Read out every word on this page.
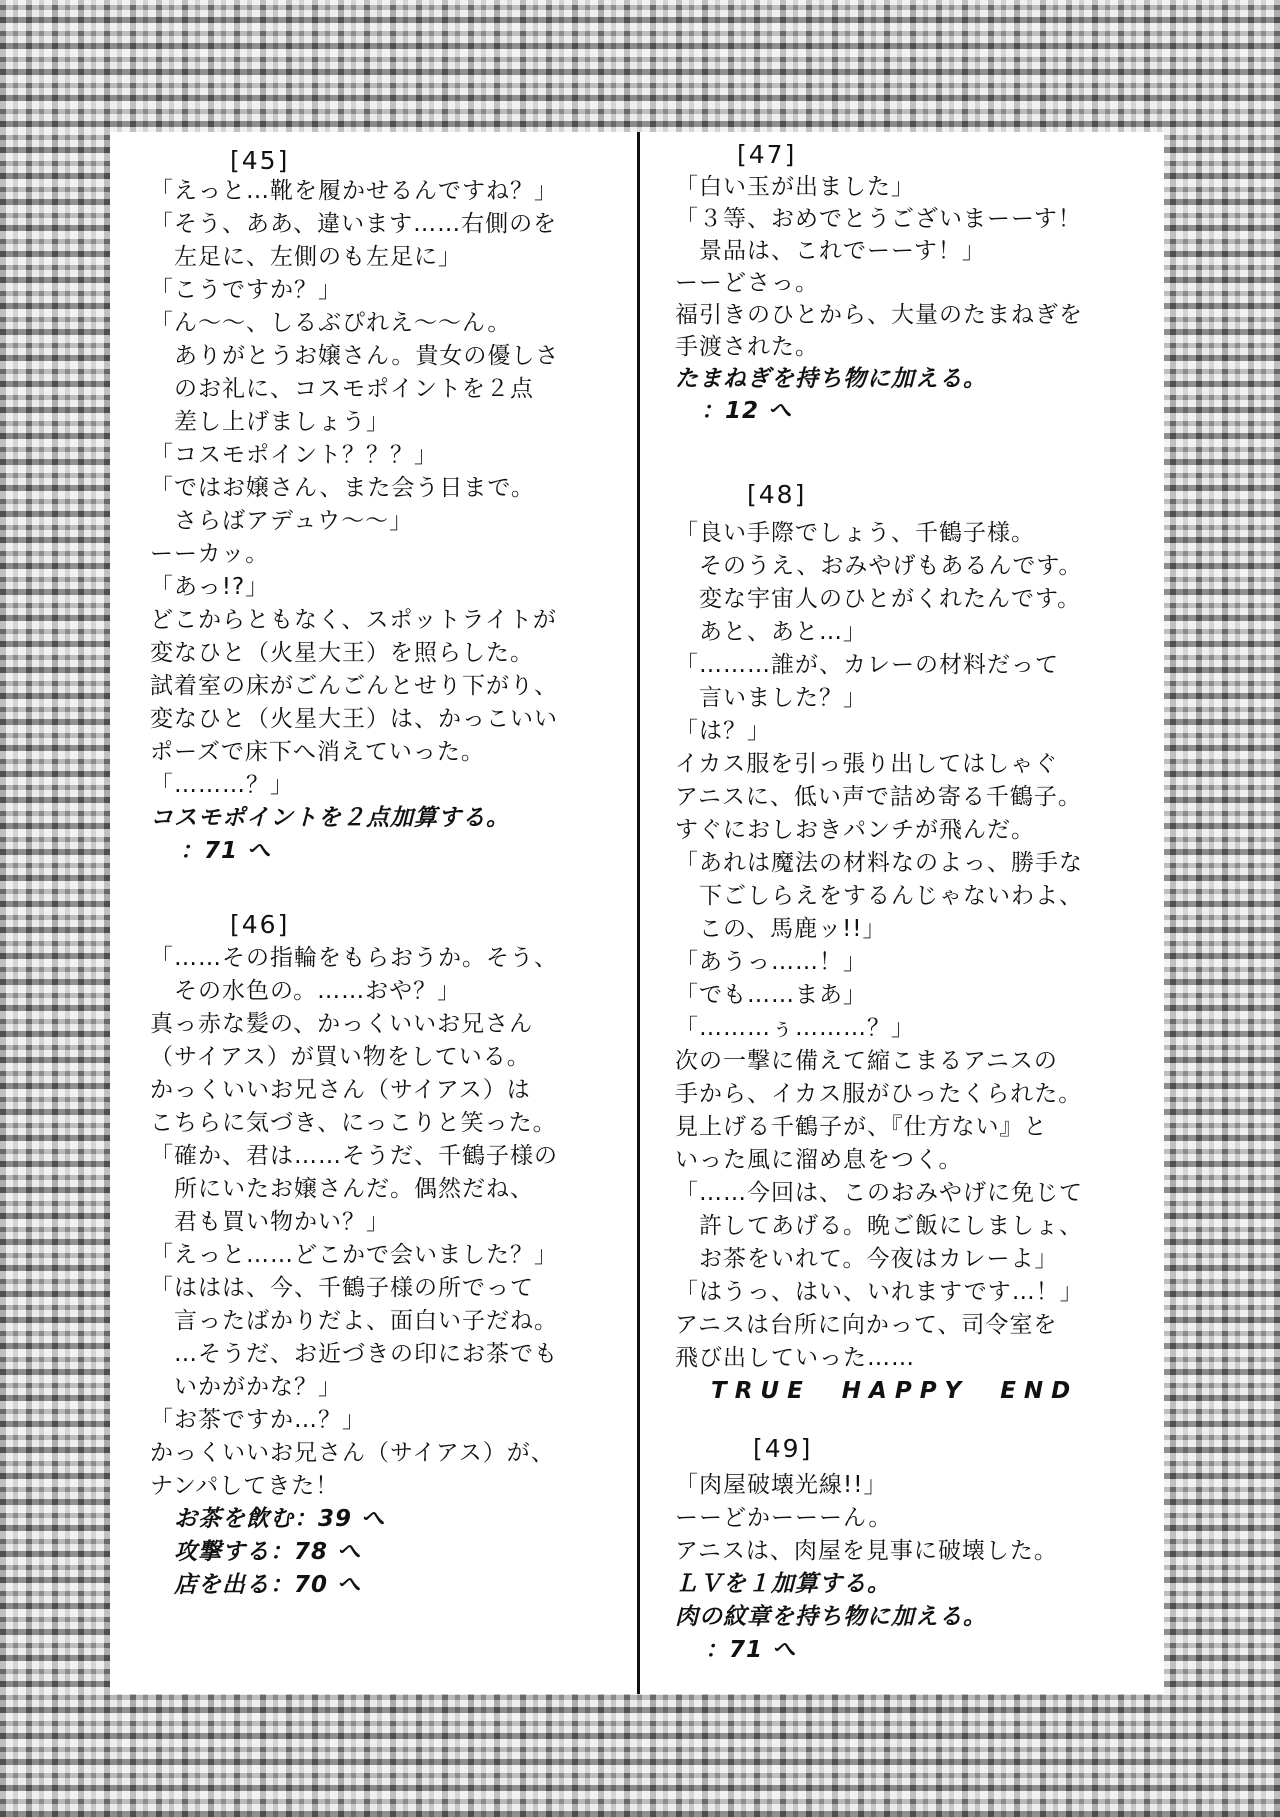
[45]
「えっと…靴を履かせるんですね？」
「そう、ああ、違います……右側のを
　左足に、左側のも左足に」
「こうですか？」
「ん～～、しるぶぴれえ～～ん。
　ありがとうお嬢さん。貴女の優しさ
　のお礼に、コスモポイントを２点
　差し上げましょう」
「コスモポイント？？？」
「ではお嬢さん、また会う日まで。
　さらばアデュウ～～」
ーーカッ。
「あっ!?」
どこからともなく、スポットライトが
変なひと（火星大王）を照らした。
試着室の床がごんごんとせり下がり、
変なひと（火星大王）は、かっこいい
ポーズで床下へ消えていった。
「………？」
コスモポイントを２点加算する。
：71 へ
[46]
「……その指輪をもらおうか。そう、
　その水色の。……おや？」
真っ赤な髪の、かっくいいお兄さん
（サイアス）が買い物をしている。
かっくいいお兄さん（サイアス）は
こちらに気づき、にっこりと笑った。
「確か、君は……そうだ、千鶴子様の
　所にいたお嬢さんだ。偶然だね、
　君も買い物かい？」
「えっと……どこかで会いました？」
「ははは、今、千鶴子様の所でって
　言ったばかりだよ、面白い子だね。
　…そうだ、お近づきの印にお茶でも
　いかがかな？」
「お茶ですか…？」
かっくいいお兄さん（サイアス）が、
ナンパしてきた！
お茶を飲む：39 へ
攻撃する：78 へ
店を出る：70 へ
[47]
「白い玉が出ました」
「３等、おめでとうございまーーす！
　景品は、これでーーす！」
ーーどさっ。
福引きのひとから、大量のたまねぎを
手渡された。
たまねぎを持ち物に加える。
：12 へ
[48]
「良い手際でしょう、千鶴子様。
　そのうえ、おみやげもあるんです。
　変な宇宙人のひとがくれたんです。
　あと、あと…」
「………誰が、カレーの材料だって
　言いました？」
「は？」
イカス服を引っ張り出してはしゃぐ
アニスに、低い声で詰め寄る千鶴子。
すぐにおしおきパンチが飛んだ。
「あれは魔法の材料なのよっ、勝手な
　下ごしらえをするんじゃないわよ、
　この、馬鹿ッ!!」
「あうっ……！」
「でも……まあ」
「………ぅ………？」
次の一撃に備えて縮こまるアニスの
手から、イカス服がひったくられた。
見上げる千鶴子が、『仕方ない』と
いった風に溜め息をつく。
「……今回は、このおみやげに免じて
　許してあげる。晩ご飯にしましょ、
　お茶をいれて。今夜はカレーよ」
「はうっ、はい、いれますです…！」
アニスは台所に向かって、司令室を
飛び出していった……
TRUE　HAPPY　END
[49]
「肉屋破壊光線!!」
ーーどかーーーん。
アニスは、肉屋を見事に破壊した。
ＬＶを１加算する。
肉の紋章を持ち物に加える。
：71 へ
